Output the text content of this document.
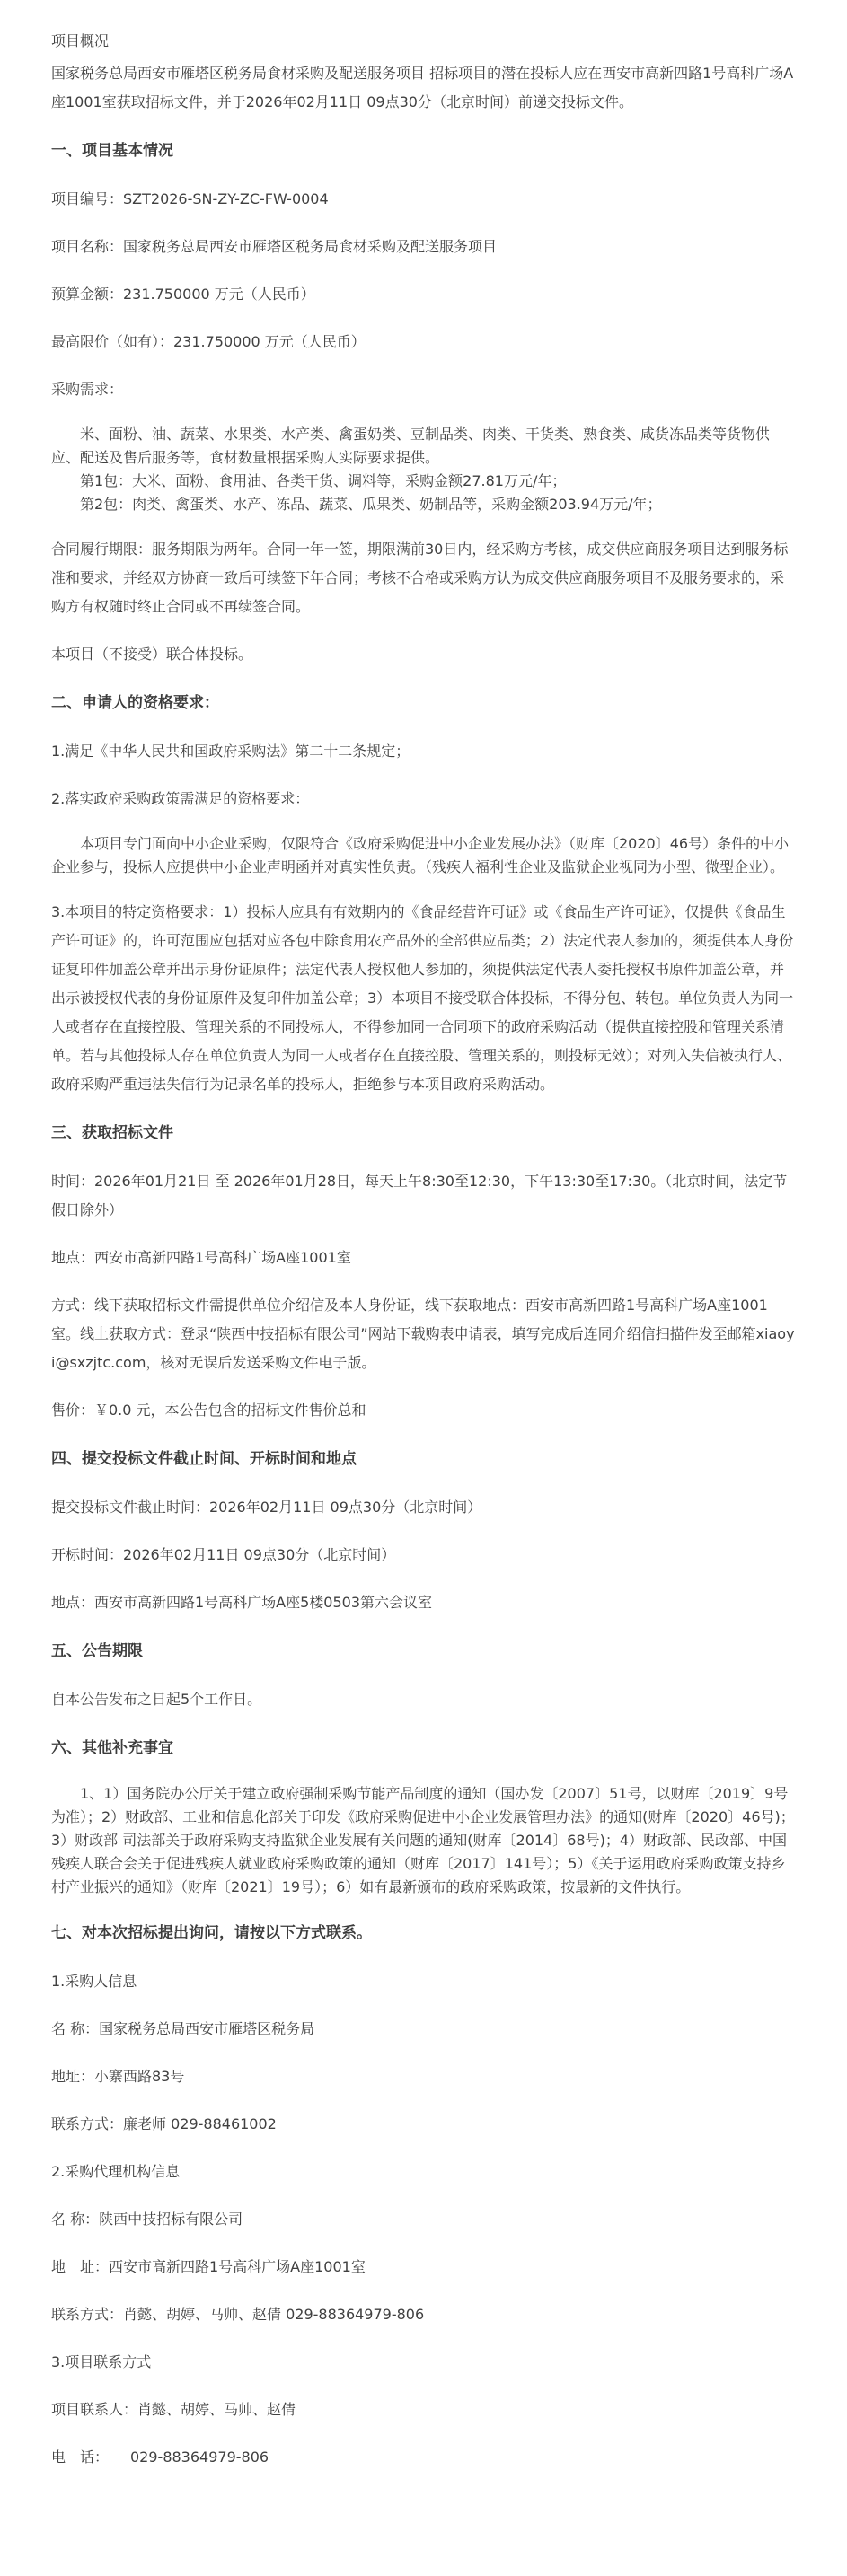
项目概况

国家税务总局西安市雁塔区税务局食材采购及配送服务项目 招标项目的潜在投标人应在西安市高新四路1号高科广场A座1001室获取招标文件，并于2026年02月11日 09点30分（北京时间）前递交投标文件。

一、项目基本情况

项目编号：SZT2026-SN-ZY-ZC-FW-0004

项目名称：国家税务总局西安市雁塔区税务局食材采购及配送服务项目

预算金额：231.750000 万元（人民币）

最高限价（如有）：231.750000 万元（人民币）

采购需求：

米、面粉、油、蔬菜、水果类、水产类、禽蛋奶类、豆制品类、肉类、干货类、熟食类、咸货冻品类等货物供应、配送及售后服务等，食材数量根据采购人实际要求提供。

第1包：大米、面粉、食用油、各类干货、调料等，采购金额27.81万元/年；

第2包：肉类、禽蛋类、水产、冻品、蔬菜、瓜果类、奶制品等，采购金额203.94万元/年；

合同履行期限：服务期限为两年。合同一年一签，期限满前30日内，经采购方考核，成交供应商服务项目达到服务标准和要求，并经双方协商一致后可续签下年合同；考核不合格或采购方认为成交供应商服务项目不及服务要求的，采购方有权随时终止合同或不再续签合同。

本项目（不接受）联合体投标。

二、申请人的资格要求：

1.满足《中华人民共和国政府采购法》第二十二条规定；

2.落实政府采购政策需满足的资格要求：

本项目专门面向中小企业采购，仅限符合《政府采购促进中小企业发展办法》（财库〔2020〕46号）条件的中小企业参与，投标人应提供中小企业声明函并对真实性负责。（残疾人福利性企业及监狱企业视同为小型、微型企业）。

3.本项目的特定资格要求：1）投标人应具有有效期内的《食品经营许可证》或《食品生产许可证》，仅提供《食品生产许可证》的，许可范围应包括对应各包中除食用农产品外的全部供应品类；2）法定代表人参加的，须提供本人身份证复印件加盖公章并出示身份证原件；法定代表人授权他人参加的，须提供法定代表人委托授权书原件加盖公章，并出示被授权代表的身份证原件及复印件加盖公章；3）本项目不接受联合体投标，不得分包、转包。单位负责人为同一人或者存在直接控股、管理关系的不同投标人，不得参加同一合同项下的政府采购活动（提供直接控股和管理关系清单。若与其他投标人存在单位负责人为同一人或者存在直接控股、管理关系的，则投标无效）；对列入失信被执行人、政府采购严重违法失信行为记录名单的投标人，拒绝参与本项目政府采购活动。

三、获取招标文件

时间：2026年01月21日 至 2026年01月28日，每天上午8:30至12:30，下午13:30至17:30。（北京时间，法定节假日除外）

地点：西安市高新四路1号高科广场A座1001室

方式：线下获取招标文件需提供单位介绍信及本人身份证，线下获取地点：西安市高新四路1号高科广场A座1001室。线上获取方式：登录“陕西中技招标有限公司”网站下载购表申请表，填写完成后连同介绍信扫描件发至邮箱xiaoyi@sxzjtc.com，核对无误后发送采购文件电子版。

售价：￥0.0 元，本公告包含的招标文件售价总和

四、提交投标文件截止时间、开标时间和地点

提交投标文件截止时间：2026年02月11日 09点30分（北京时间）

开标时间：2026年02月11日 09点30分（北京时间）

地点：西安市高新四路1号高科广场A座5楼0503第六会议室

五、公告期限

自本公告发布之日起5个工作日。

六、其他补充事宜

1、1）国务院办公厅关于建立政府强制采购节能产品制度的通知（国办发〔2007〕51号，以财库〔2019〕9号为准）；2）财政部、工业和信息化部关于印发《政府采购促进中小企业发展管理办法》的通知(财库〔2020〕46号)；3）财政部 司法部关于政府采购支持监狱企业发展有关问题的通知(财库〔2014〕68号)；4）财政部、民政部、中国残疾人联合会关于促进残疾人就业政府采购政策的通知（财库〔2017〕141号）；5）《关于运用政府采购政策支持乡村产业振兴的通知》（财库〔2021〕19号）；6）如有最新颁布的政府采购政策，按最新的文件执行。

七、对本次招标提出询问，请按以下方式联系。

1.采购人信息

名 称：国家税务总局西安市雁塔区税务局

地址：小寨西路83号

联系方式：廉老师 029-88461002

2.采购代理机构信息

名 称：陕西中技招标有限公司

地　址：西安市高新四路1号高科广场A座1001室

联系方式：肖懿、胡婷、马帅、赵倩 029-88364979-806

3.项目联系方式

项目联系人：肖懿、胡婷、马帅、赵倩

电　话：　　029-88364979-806
